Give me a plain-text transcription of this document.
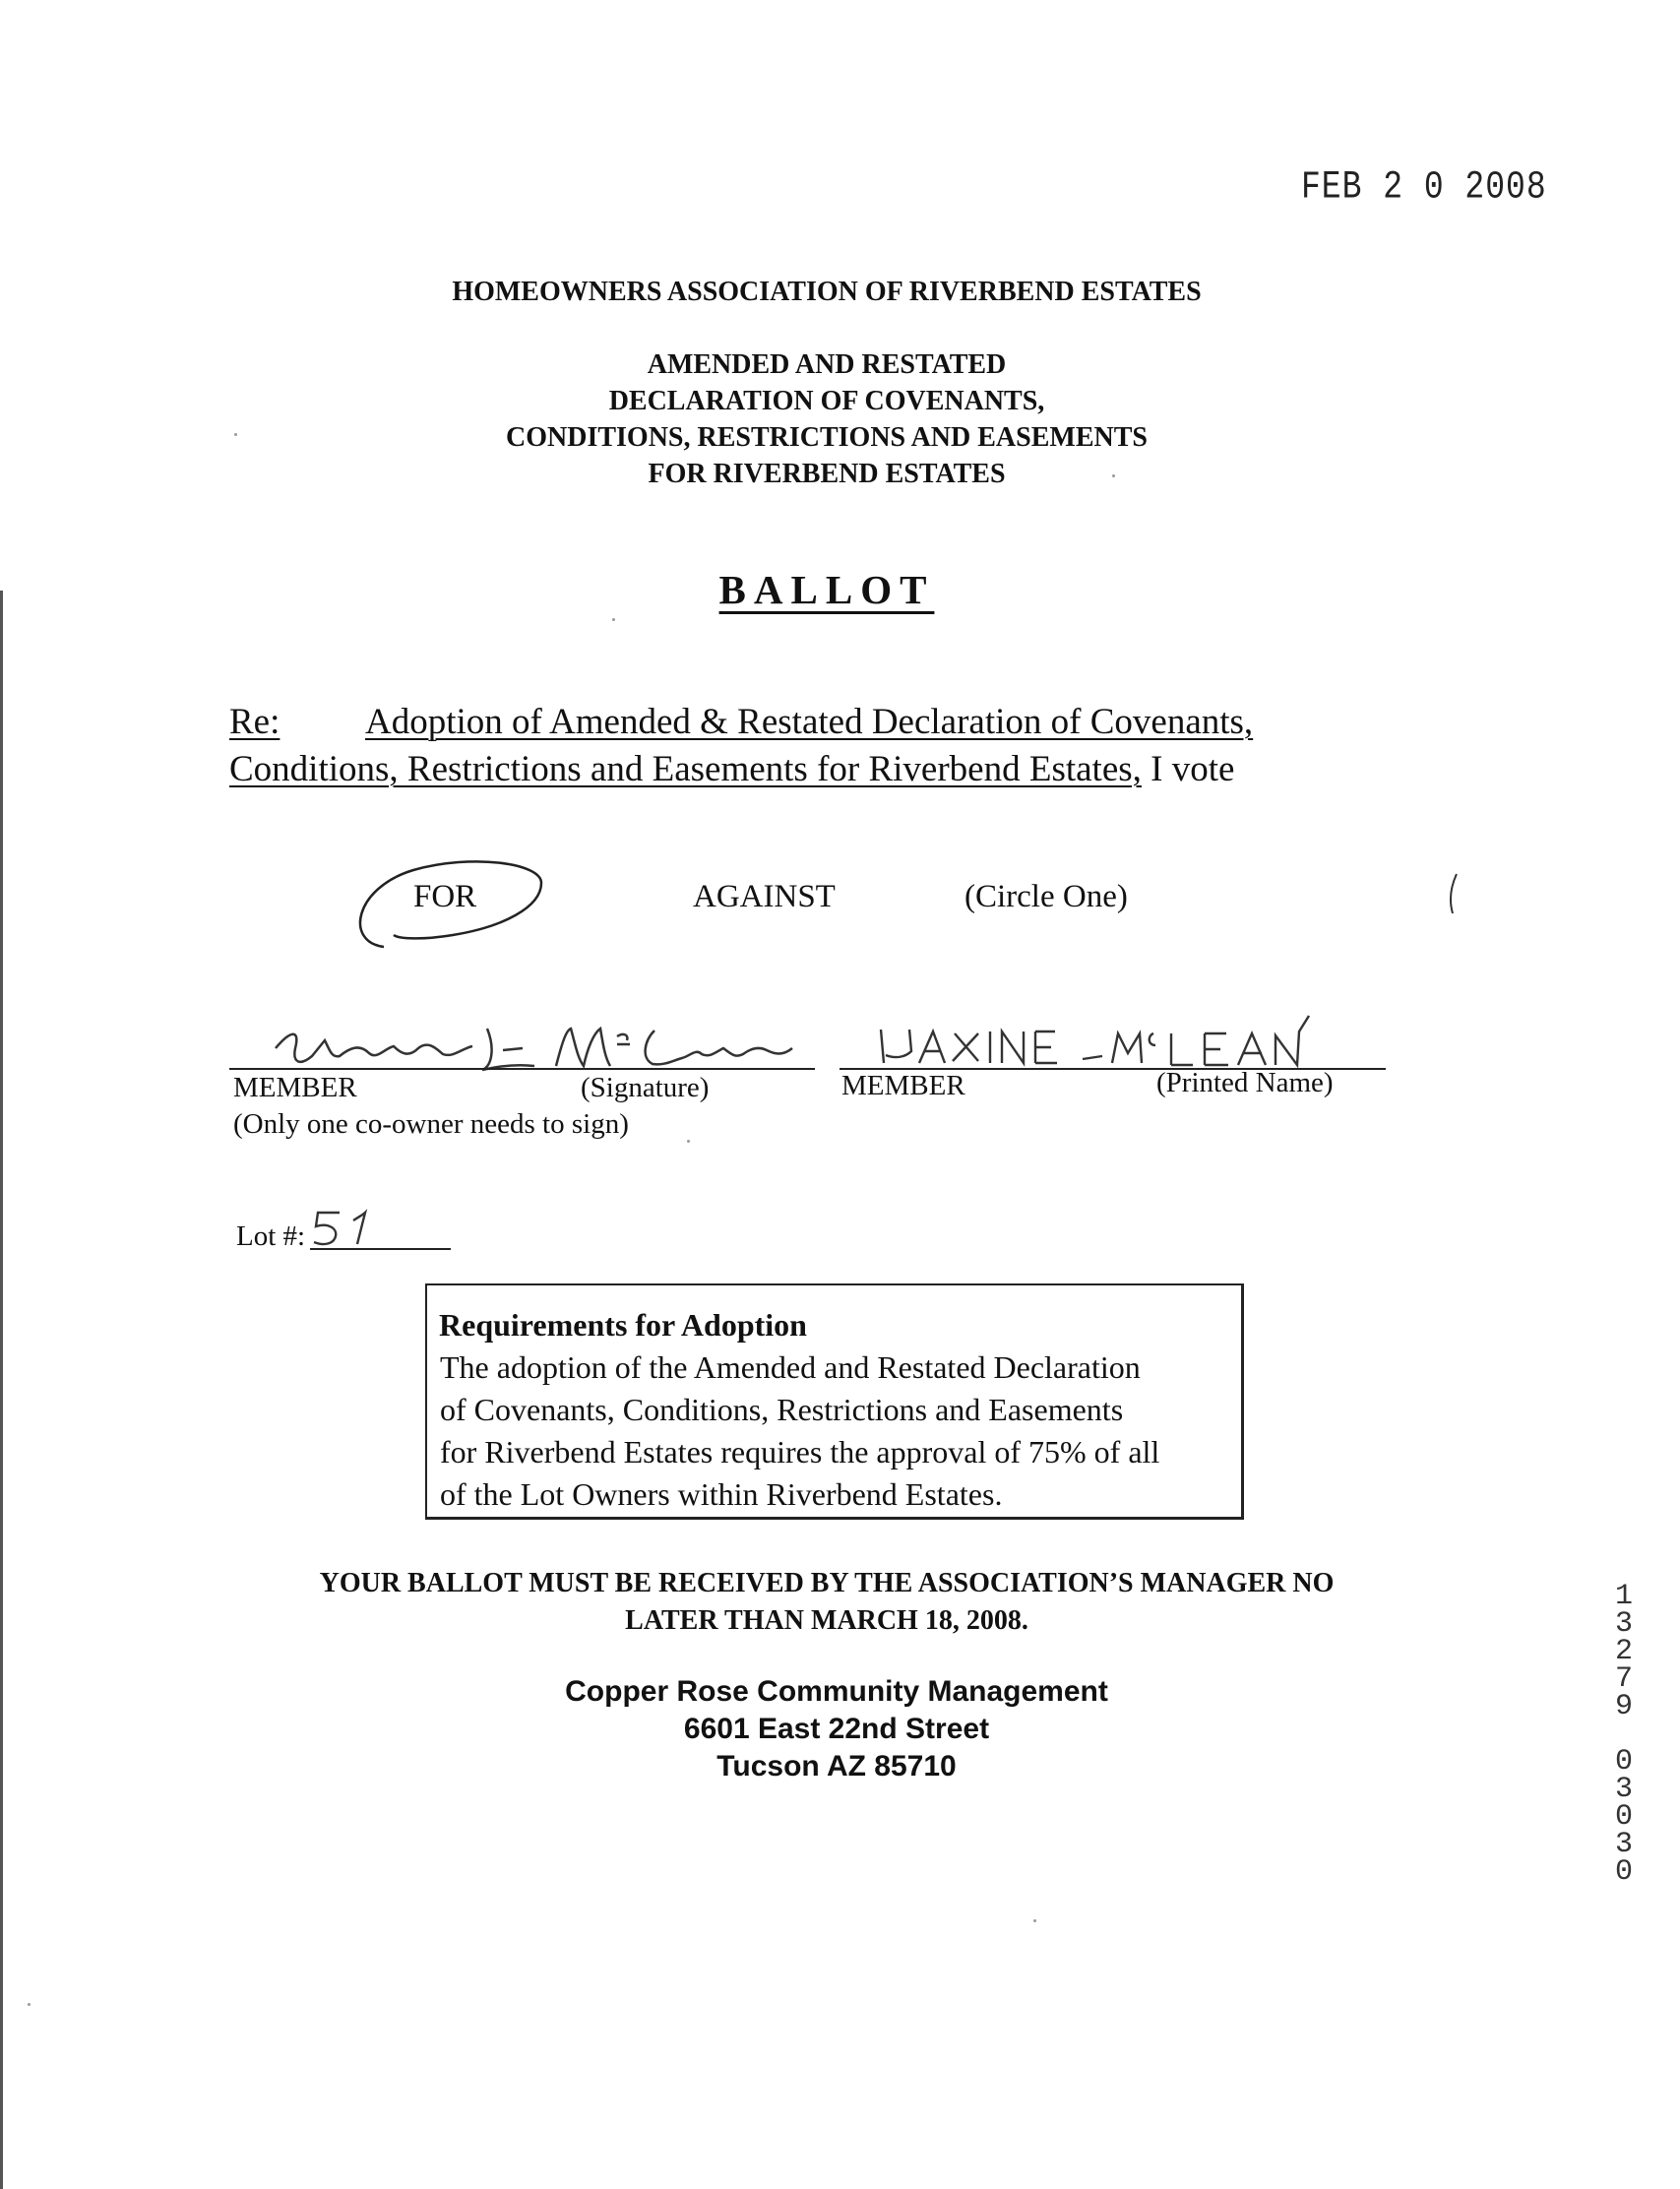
FEB 2 0 2008
HOMEOWNERS ASSOCIATION OF RIVERBEND ESTATES
AMENDED AND RESTATED
DECLARATION OF COVENANTS,
CONDITIONS, RESTRICTIONS AND EASEMENTS
FOR RIVERBEND ESTATES
BALLOT
Re: Adoption of Amended & Restated Declaration of Covenants,
Conditions, Restrictions and Easements for Riverbend Estates, I vote
FOR	AGAINST	(Circle One)
MEMBER	(Signature)	MEMBER	(Printed Name)
(Only one co-owner needs to sign)
Lot #:
Requirements for Adoption
The adoption of the Amended and Restated Declaration
of Covenants, Conditions, Restrictions and Easements
for Riverbend Estates requires the approval of 75% of all
of the Lot Owners within Riverbend Estates.
YOUR BALLOT MUST BE RECEIVED BY THE ASSOCIATION’S MANAGER NO
LATER THAN MARCH 18, 2008.
Copper Rose Community Management
6601 East 22nd Street
Tucson AZ 85710	13279 03030
